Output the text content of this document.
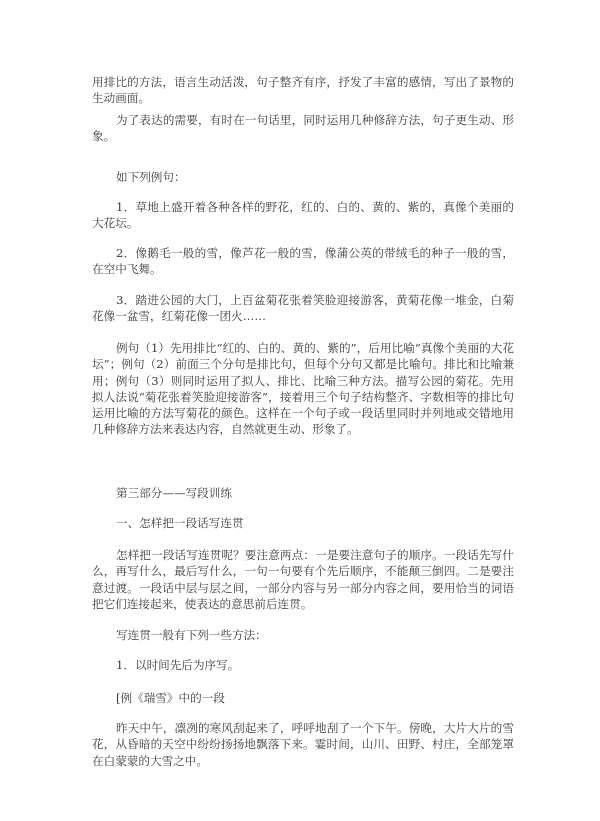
用排比的方法，语言生动活泼，句子整齐有序，抒发了丰富的感情，写出了景物的生动画面。

为了表达的需要，有时在一句话里，同时运用几种修辞方法，句子更生动、形象。

如下列例句：

1．草地上盛开着各种各样的野花，红的、白的、黄的、紫的，真像个美丽的大花坛。

2．像鹅毛一般的雪，像芦花一般的雪，像蒲公英的带绒毛的种子一般的雪，在空中飞舞。

3．踏进公园的大门，上百盆菊花张着笑脸迎接游客，黄菊花像一堆金，白菊花像一盆雪，红菊花像一团火……

例句（1）先用排比“红的、白的、黄的、紫的”，后用比喻“真像个美丽的大花坛”；例句（2）前面三个分句是排比句，但每个分句又都是比喻句。排比和比喻兼用；例句（3）则同时运用了拟人、排比、比喻三种方法。描写公园的菊花。先用拟人法说“菊花张着笑脸迎接游客”，接着用三个句子结构整齐、字数相等的排比句运用比喻的方法写菊花的颜色。这样在一个句子或一段话里同时并列地或交错地用几种修辞方法来表达内容，自然就更生动、形象了。

第三部分——写段训练

一、怎样把一段话写连贯

怎样把一段话写连贯呢？要注意两点：一是要注意句子的顺序。一段话先写什么，再写什么，最后写什么，一句一句要有个先后顺序，不能颠三倒四。二是要注意过渡。一段话中层与层之间，一部分内容与另一部分内容之间，要用恰当的词语把它们连接起来，使表达的意思前后连贯。

写连贯一般有下列一些方法：

1．以时间先后为序写。

[例《瑞雪》中的一段

昨天中午，凛冽的寒风刮起来了，呼呼地刮了一个下午。傍晚，大片大片的雪花，从昏暗的天空中纷纷扬扬地飘落下来。霎时间，山川、田野、村庄，全部笼罩在白蒙蒙的大雪之中。
